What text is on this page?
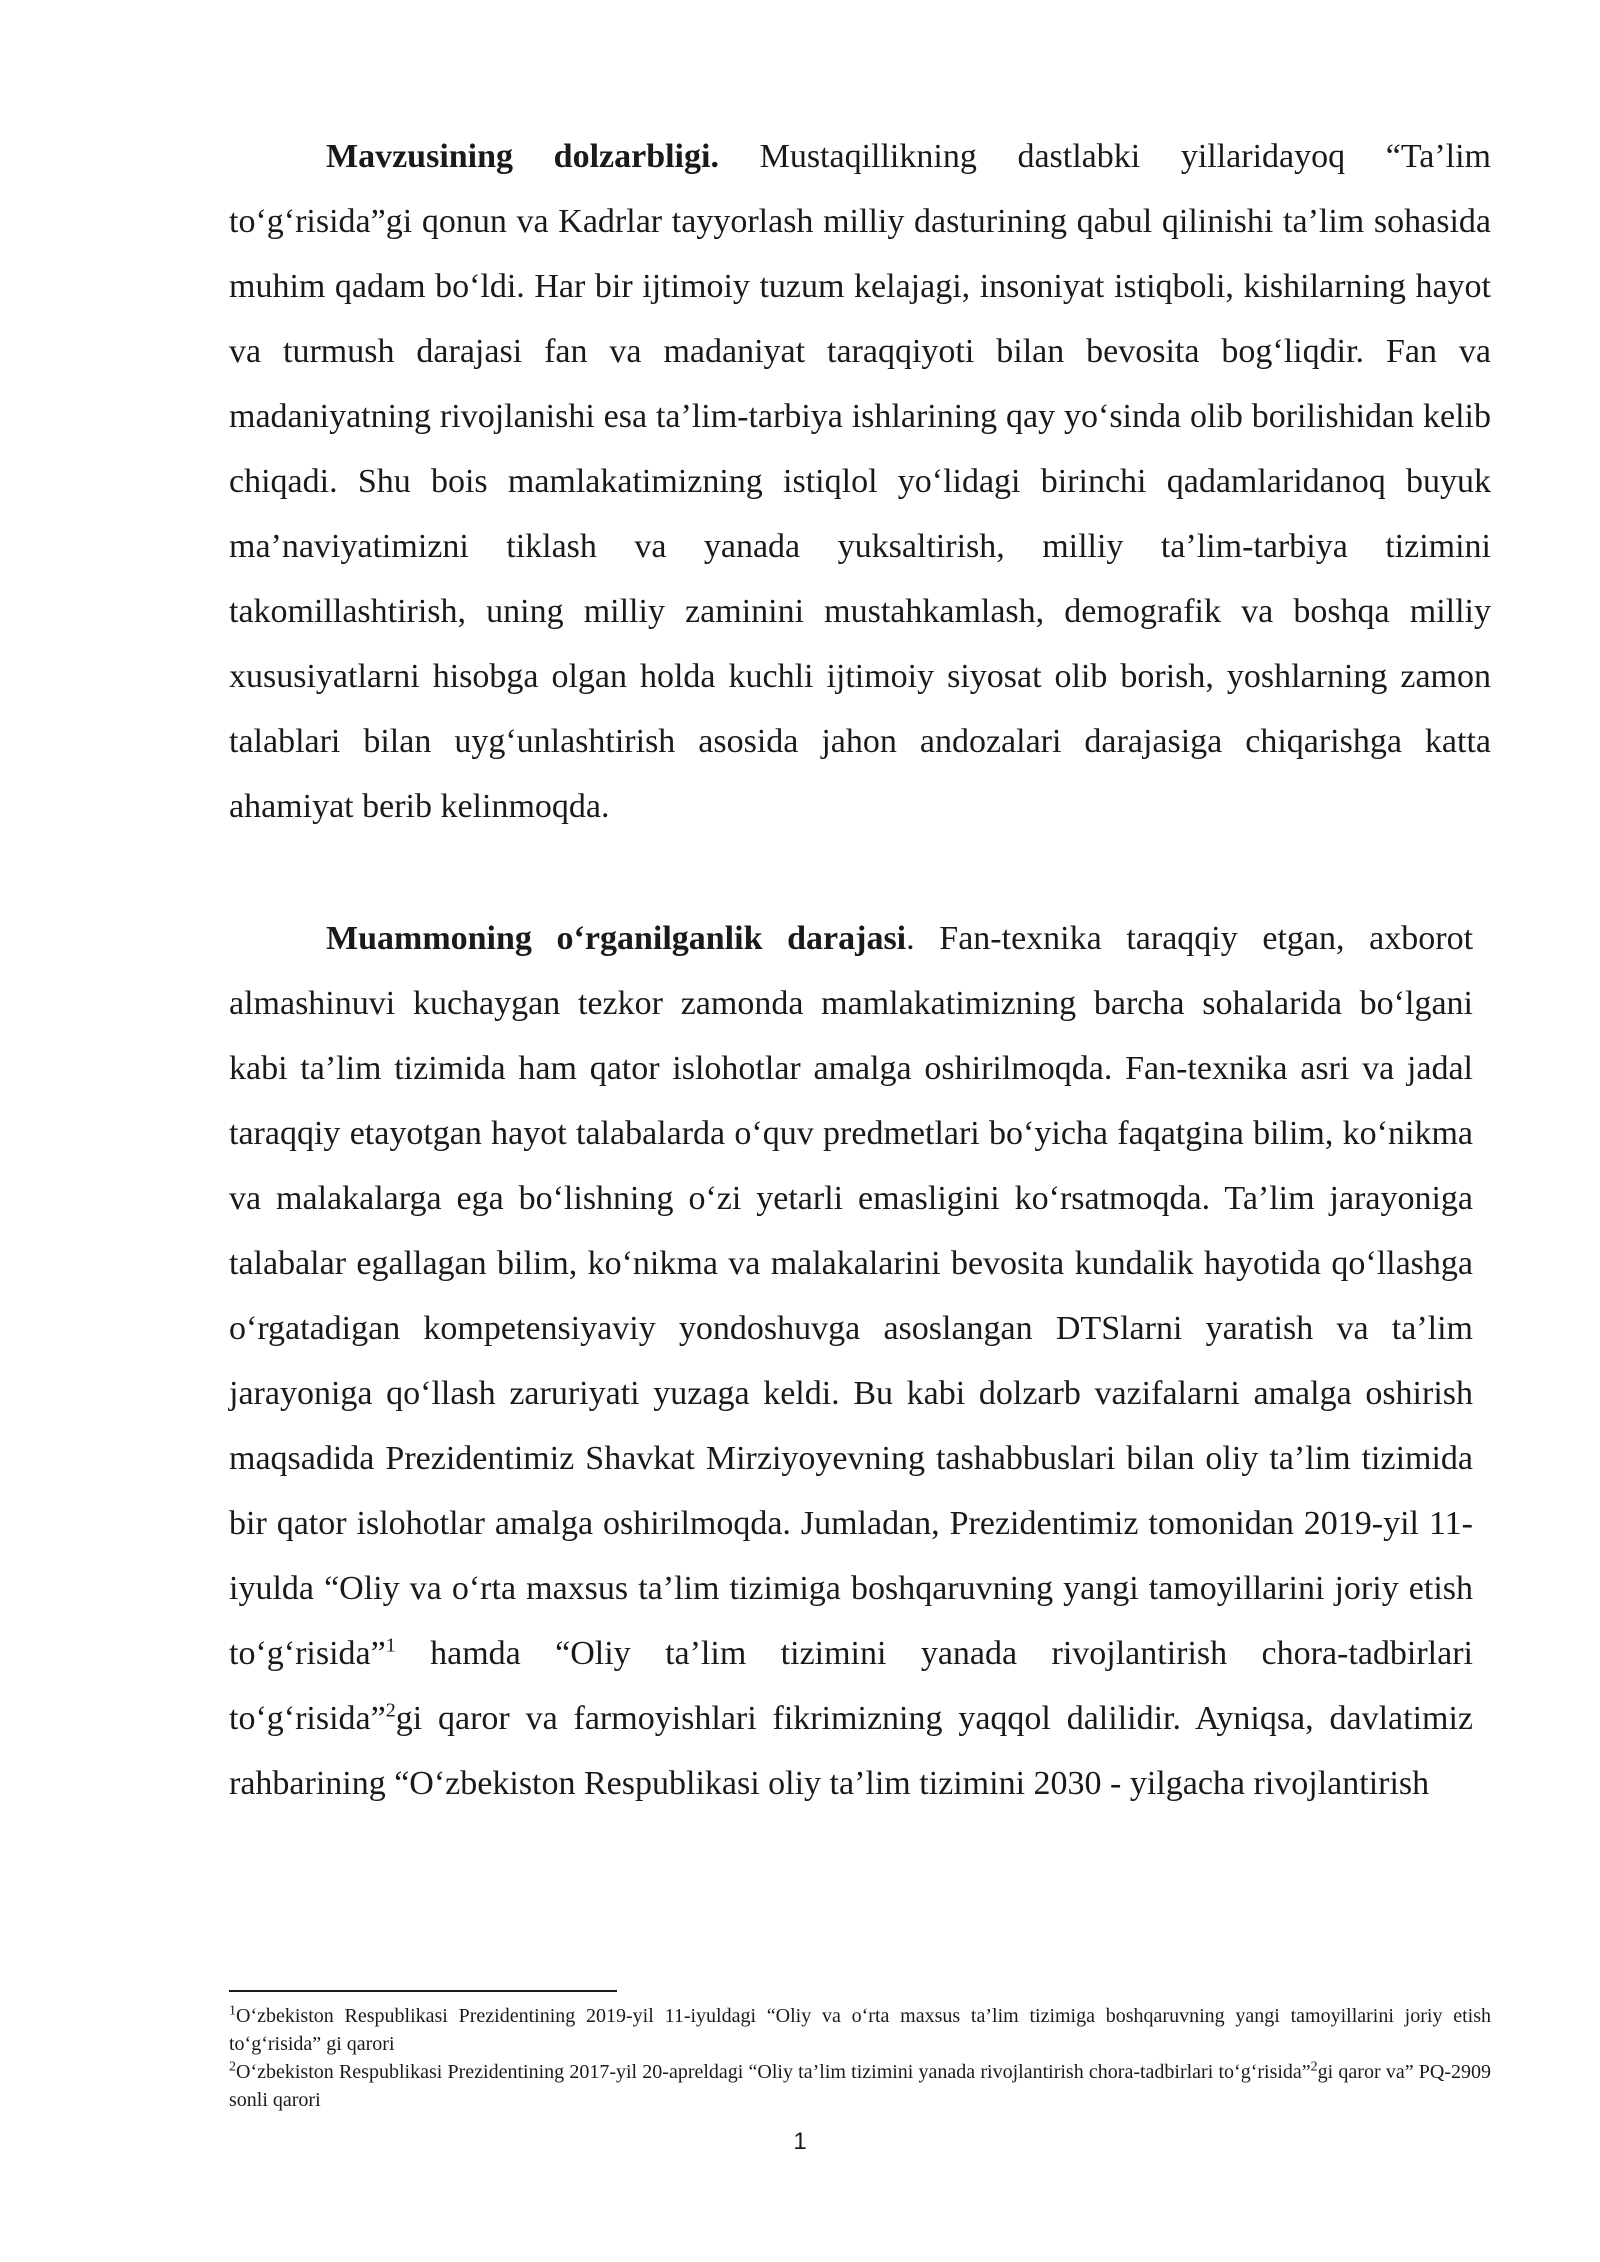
Mavzusining dolzarbligi. Mustaqillikning dastlabki yillaridayoq “Ta’lim to‘g‘risida”gi qonun va Kadrlar tayyorlash milliy dasturining qabul qilinishi ta’lim sohasida muhim qadam bo‘ldi. Har bir ijtimoiy tuzum kelajagi, insoniyat istiqboli, kishilarning hayot va turmush darajasi fan va madaniyat taraqqiyoti bilan bevosita bog‘liqdir. Fan va madaniyatning rivojlanishi esa ta’lim-tarbiya ishlarining qay yo‘sinda olib borilishidan kelib chiqadi. Shu bois mamlakatimizning istiqlol yo‘lidagi birinchi qadamlaridanoq buyuk ma’naviyatimizni tiklash va yanada yuksaltirish, milliy ta’lim-tarbiya tizimini takomillashtirish, uning milliy zaminini mustahkamlash, demografik va boshqa milliy xususiyatlarni hisobga olgan holda kuchli ijtimoiy siyosat olib borish, yoshlarning zamon talablari bilan uyg‘unlashtirish asosida jahon andozalari darajasiga chiqarishga katta ahamiyat berib kelinmoqda.

Muammoning o‘rganilganlik darajasi. Fan-texnika taraqqiy etgan, axborot almashinuvi kuchaygan tezkor zamonda mamlakatimizning barcha sohalarida bo‘lgani kabi ta’lim tizimida ham qator islohotlar amalga oshirilmoqda. Fan-texnika asri va jadal taraqqiy etayotgan hayot talabalarda o‘quv predmetlari bo‘yicha faqatgina bilim, ko‘nikma va malakalarga ega bo‘lishning o‘zi yetarli emasligini ko‘rsatmoqda. Ta’lim jarayoniga talabalar egallagan bilim, ko‘nikma va malakalarini bevosita kundalik hayotida qo‘llashga o‘rgatadigan kompetensiyaviy yondoshuvga asoslangan DTSlarni yaratish va ta’lim jarayoniga qo‘llash zaruriyati yuzaga keldi. Bu kabi dolzarb vazifalarni amalga oshirish maqsadida Prezidentimiz Shavkat Mirziyoyevning tashabbuslari bilan oliy ta’lim tizimida bir qator islohotlar amalga oshirilmoqda. Jumladan, Prezidentimiz tomonidan 2019-yil 11-iyulda “Oliy va o‘rta maxsus ta’lim tizimiga boshqaruvning yangi tamoyillarini joriy etish to‘g‘risida”$^1$ hamda “Oliy ta’lim tizimini yanada rivojlantirish chora-tadbirlari to‘g‘risida”$^2$gi qaror va farmoyishlari fikrimizning yaqqol dalilidir. Ayniqsa, davlatimiz rahbarining “O‘zbekiston Respublikasi oliy ta’lim tizimini 2030 - yilgacha rivojlantirish

$^1$O‘zbekiston Respublikasi Prezidentining 2019-yil 11-iyuldagi “Oliy va o‘rta maxsus ta’lim tizimiga boshqaruvning yangi tamoyillarini joriy etish to‘g‘risida” gi qarori

$^2$O‘zbekiston Respublikasi Prezidentining 2017-yil 20-apreldagi “Oliy ta’lim tizimini yanada rivojlantirish chora-tadbirlari to‘g‘risida”$^2$gi qaror va” PQ-2909 sonli qarori

1
